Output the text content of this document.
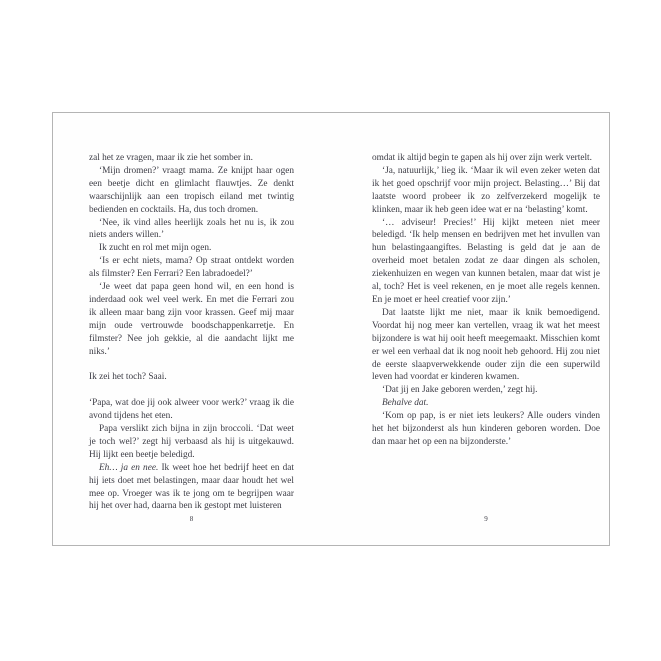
zal het ze vragen, maar ik zie het somber in.

‘Mijn dromen?’ vraagt mama. Ze knijpt haar ogen een beetje dicht en glimlacht flauwtjes. Ze denkt waarschijnlijk aan een tropisch eiland met twintig bedienden en cocktails. Ha, dus toch dromen.

‘Nee, ik vind alles heerlijk zoals het nu is, ik zou niets anders willen.’

Ik zucht en rol met mijn ogen.

‘Is er echt niets, mama? Op straat ontdekt worden als filmster? Een Ferrari? Een labradoedel?’

‘Je weet dat papa geen hond wil, en een hond is inderdaad ook wel veel werk. En met die Ferrari zou ik alleen maar bang zijn voor krassen. Geef mij maar mijn oude vertrouwde boodschappenkarretje. En filmster? Nee joh gekkie, al die aandacht lijkt me niks.’

Ik zei het toch? Saai.

‘Papa, wat doe jij ook alweer voor werk?’ vraag ik die avond tijdens het eten.

Papa verslikt zich bijna in zijn broccoli. ‘Dat weet je toch wel?’ zegt hij verbaasd als hij is uitgekauwd. Hij lijkt een beetje beledigd.

Eh… ja en nee. Ik weet hoe het bedrijf heet en dat hij iets doet met belastingen, maar daar houdt het wel mee op. Vroeger was ik te jong om te begrijpen waar hij het over had, daarna ben ik gestopt met luisteren

8

omdat ik altijd begin te gapen als hij over zijn werk vertelt.

‘Ja, natuurlijk,’ lieg ik. ‘Maar ik wil even zeker weten dat ik het goed opschrijf voor mijn project. Belasting…’ Bij dat laatste woord probeer ik zo zelfverzekerd mogelijk te klinken, maar ik heb geen idee wat er na ‘belasting’ komt.

‘… adviseur! Precies!’ Hij kijkt meteen niet meer beledigd. ‘Ik help mensen en bedrijven met het invullen van hun belastingaangiftes. Belasting is geld dat je aan de overheid moet betalen zodat ze daar dingen als scholen, ziekenhuizen en wegen van kunnen betalen, maar dat wist je al, toch? Het is veel rekenen, en je moet alle regels kennen. En je moet er heel creatief voor zijn.’

Dat laatste lijkt me niet, maar ik knik bemoedigend. Voordat hij nog meer kan vertellen, vraag ik wat het meest bijzondere is wat hij ooit heeft meegemaakt. Misschien komt er wel een verhaal dat ik nog nooit heb gehoord. Hij zou niet de eerste slaapverwekkende ouder zijn die een superwild leven had voordat er kinderen kwamen.

‘Dat jij en Jake geboren werden,’ zegt hij.

Behalve dat.

‘Kom op pap, is er niet iets leukers? Alle ouders vinden het het bijzonderst als hun kinderen geboren worden. Doe dan maar het op een na bijzonderste.’

9
